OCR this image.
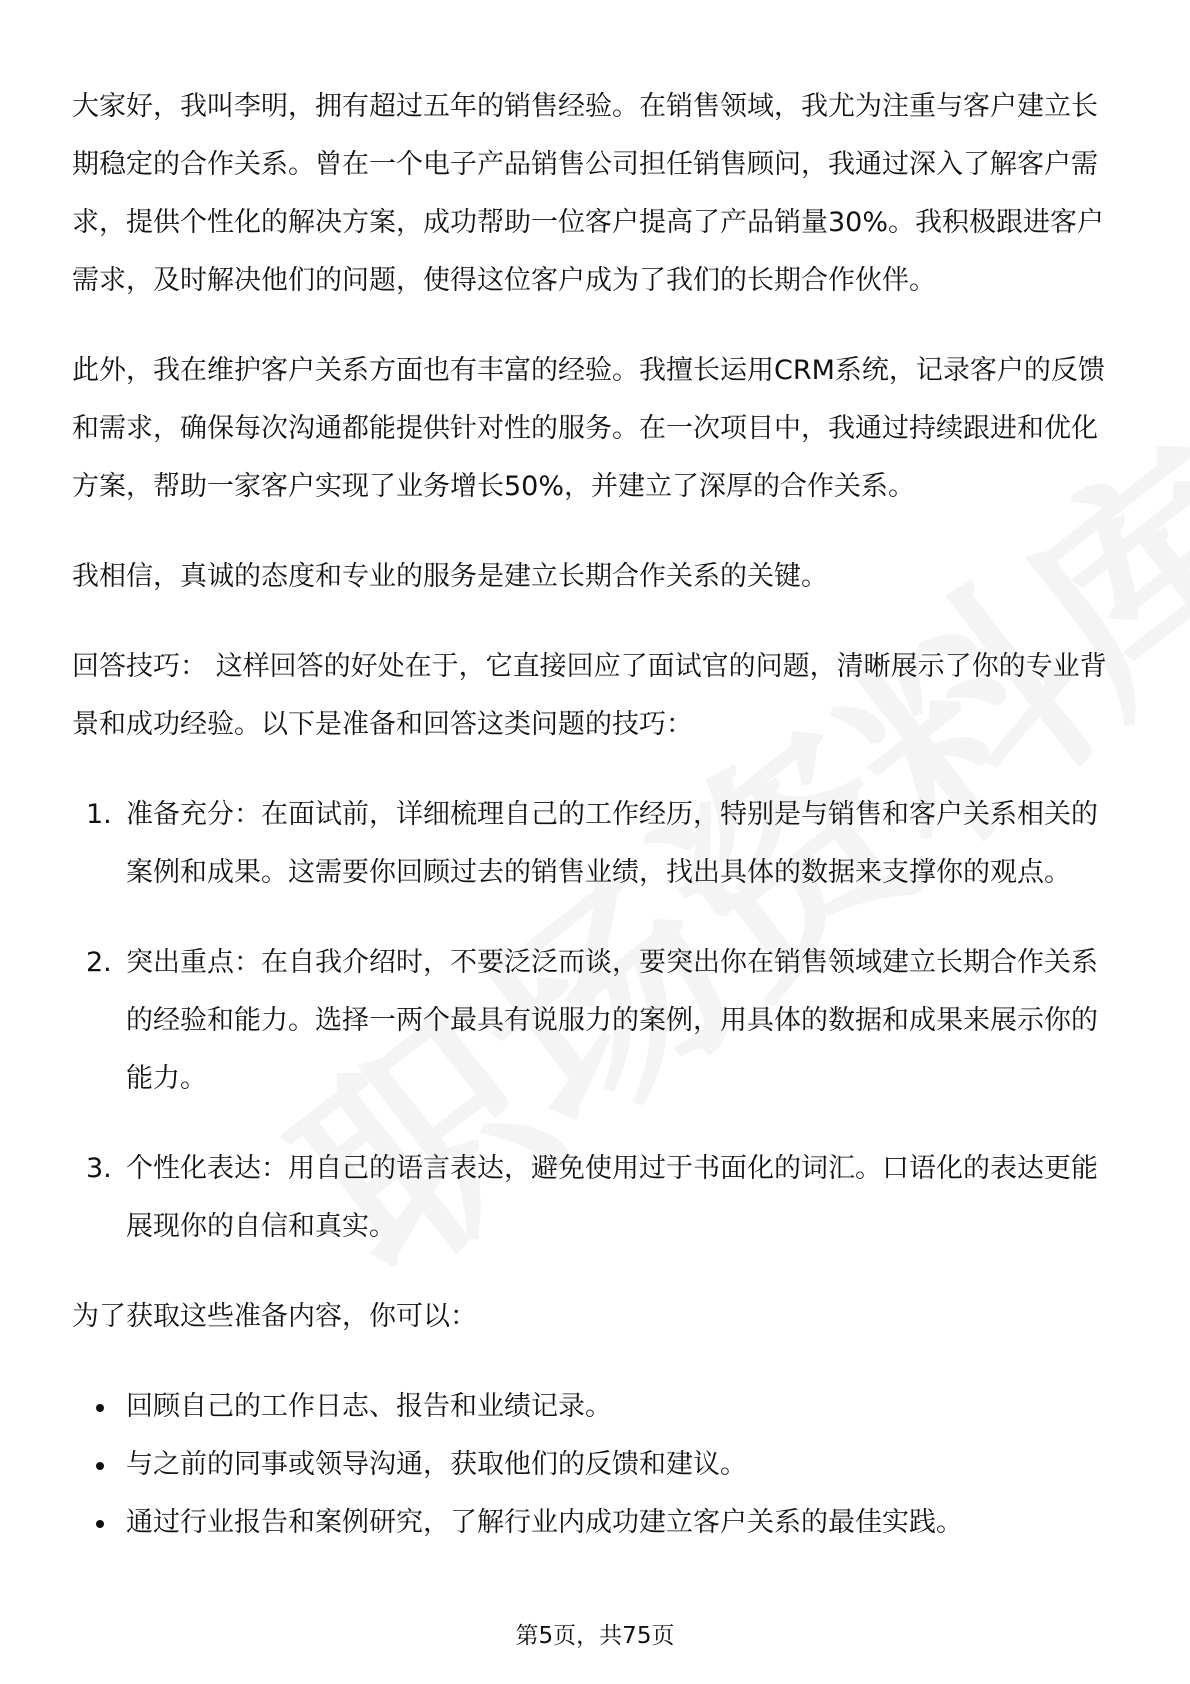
大家好，我叫李明，拥有超过五年的销售经验。在销售领域，我尤为注重与客户建立长期稳定的合作关系。曾在一个电子产品销售公司担任销售顾问，我通过深入了解客户需求，提供个性化的解决方案，成功帮助一位客户提高了产品销量30%。我积极跟进客户需求，及时解决他们的问题，使得这位客户成为了我们的长期合作伙伴。

此外，我在维护客户关系方面也有丰富的经验。我擅长运用CRM系统，记录客户的反馈和需求，确保每次沟通都能提供针对性的服务。在一次项目中，我通过持续跟进和优化方案，帮助一家客户实现了业务增长50%，并建立了深厚的合作关系。

我相信，真诚的态度和专业的服务是建立长期合作关系的关键。

回答技巧： 这样回答的好处在于，它直接回应了面试官的问题，清晰展示了你的专业背景和成功经验。以下是准备和回答这类问题的技巧：

1. 准备充分：在面试前，详细梳理自己的工作经历，特别是与销售和客户关系相关的案例和成果。这需要你回顾过去的销售业绩，找出具体的数据来支撑你的观点。
2. 突出重点：在自我介绍时，不要泛泛而谈，要突出你在销售领域建立长期合作关系的经验和能力。选择一两个最具有说服力的案例，用具体的数据和成果来展示你的能力。
3. 个性化表达：用自己的语言表达，避免使用过于书面化的词汇。口语化的表达更能展现你的自信和真实。

为了获取这些准备内容，你可以：

回顾自己的工作日志、报告和业绩记录。
与之前的同事或领导沟通，获取他们的反馈和建议。
通过行业报告和案例研究，了解行业内成功建立客户关系的最佳实践。
第5页，共75页
